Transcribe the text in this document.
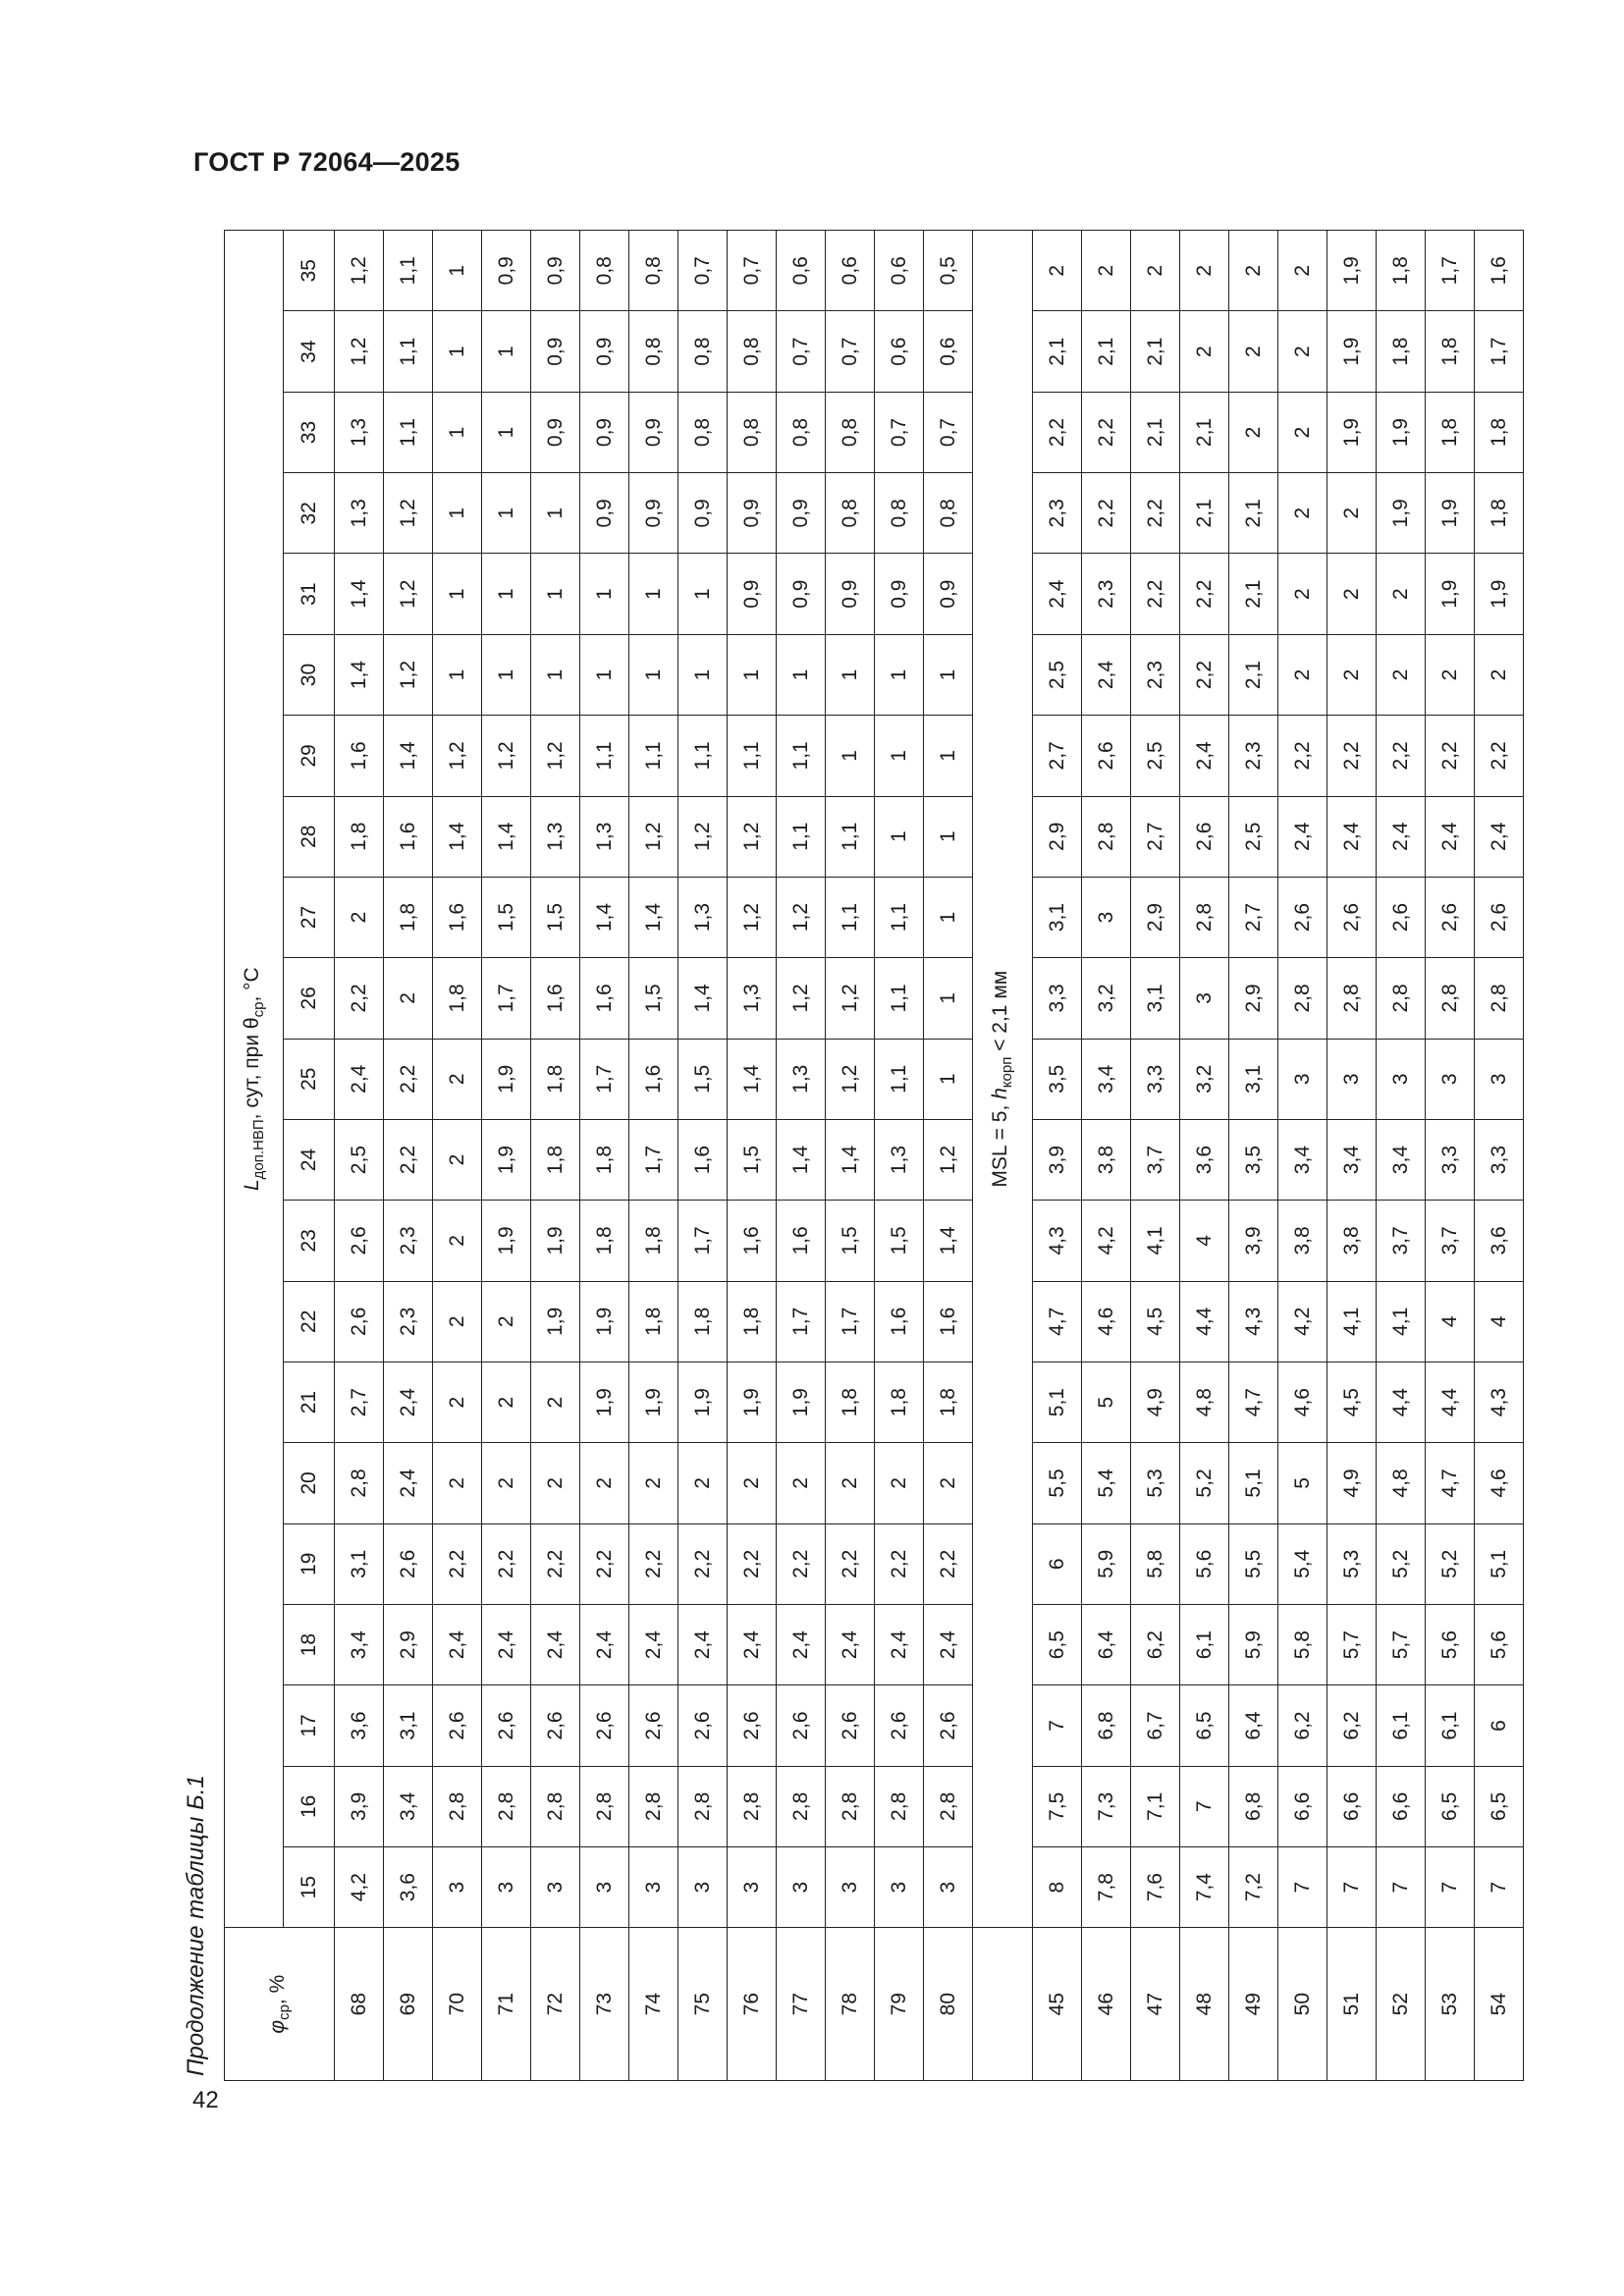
ГОСТ Р 72064—2025
Продолжение таблицы Б.1	$\varphi_{ср}$, %	$L_{доп.НВП}$, сут, при $\theta_{ср}$, °С																				
	15	16	17	18	19	20	21	22	23	24	25	26	27	28	29	30	31	32	33	34	35
68	4,2	3,9	3,6	3,4	3,1	2,8	2,7	2,6	2,6	2,5	2,4	2,2	2	1,8	1,6	1,4	1,4	1,3	1,3	1,2	1,2
69	3,6	3,4	3,1	2,9	2,6	2,4	2,4	2,3	2,3	2,2	2,2	2	1,8	1,6	1,4	1,2	1,2	1,2	1,1	1,1	1,1
70	3	2,8	2,6	2,4	2,2	2	2	2	2	2	2	1,8	1,6	1,4	1,2	1	1	1	1	1	1
71	3	2,8	2,6	2,4	2,2	2	2	2	1,9	1,9	1,9	1,7	1,5	1,4	1,2	1	1	1	1	1	0,9
72	3	2,8	2,6	2,4	2,2	2	2	1,9	1,9	1,8	1,8	1,6	1,5	1,3	1,2	1	1	1	0,9	0,9	0,9
73	3	2,8	2,6	2,4	2,2	2	1,9	1,9	1,8	1,8	1,7	1,6	1,4	1,3	1,1	1	1	0,9	0,9	0,9	0,8
74	3	2,8	2,6	2,4	2,2	2	1,9	1,8	1,8	1,7	1,6	1,5	1,4	1,2	1,1	1	1	0,9	0,9	0,8	0,8
75	3	2,8	2,6	2,4	2,2	2	1,9	1,8	1,7	1,6	1,5	1,4	1,3	1,2	1,1	1	1	0,9	0,8	0,8	0,7
76	3	2,8	2,6	2,4	2,2	2	1,9	1,8	1,6	1,5	1,4	1,3	1,2	1,2	1,1	1	0,9	0,9	0,8	0,8	0,7
77	3	2,8	2,6	2,4	2,2	2	1,9	1,7	1,6	1,4	1,3	1,2	1,2	1,1	1,1	1	0,9	0,9	0,8	0,7	0,6
78	3	2,8	2,6	2,4	2,2	2	1,8	1,7	1,5	1,4	1,2	1,2	1,1	1,1	1	1	0,9	0,8	0,8	0,7	0,6
79	3	2,8	2,6	2,4	2,2	2	1,8	1,6	1,5	1,3	1,1	1,1	1,1	1	1	1	0,9	0,8	0,7	0,6	0,6
80	3	2,8	2,6	2,4	2,2	2	1,8	1,6	1,4	1,2	1	1	1	1	1	1	0,9	0,8	0,7	0,6	0,5
	MSL = 5, $h_{корп} < 2,1$ мм																				
45	8	7,5	7	6,5	6	5,5	5,1	4,7	4,3	3,9	3,5	3,3	3,1	2,9	2,7	2,5	2,4	2,3	2,2	2,1	2
46	7,8	7,3	6,8	6,4	5,9	5,4	5	4,6	4,2	3,8	3,4	3,2	3	2,8	2,6	2,4	2,3	2,2	2,2	2,1	2
47	7,6	7,1	6,7	6,2	5,8	5,3	4,9	4,5	4,1	3,7	3,3	3,1	2,9	2,7	2,5	2,3	2,2	2,2	2,1	2,1	2
48	7,4	7	6,5	6,1	5,6	5,2	4,8	4,4	4	3,6	3,2	3	2,8	2,6	2,4	2,2	2,2	2,1	2,1	2	2
49	7,2	6,8	6,4	5,9	5,5	5,1	4,7	4,3	3,9	3,5	3,1	2,9	2,7	2,5	2,3	2,1	2,1	2,1	2	2	2
50	7	6,6	6,2	5,8	5,4	5	4,6	4,2	3,8	3,4	3	2,8	2,6	2,4	2,2	2	2	2	2	2	2
51	7	6,6	6,2	5,7	5,3	4,9	4,5	4,1	3,8	3,4	3	2,8	2,6	2,4	2,2	2	2	2	1,9	1,9	1,9
52	7	6,6	6,1	5,7	5,2	4,8	4,4	4,1	3,7	3,4	3	2,8	2,6	2,4	2,2	2	2	1,9	1,9	1,8	1,8
53	7	6,5	6,1	5,6	5,2	4,7	4,4	4	3,7	3,3	3	2,8	2,6	2,4	2,2	2	1,9	1,9	1,8	1,8	1,7
54	7	6,5	6	5,6	5,1	4,6	4,3	4	3,6	3,3	3	2,8	2,6	2,4	2,2	2	1,9	1,8	1,8	1,7	1,6
42
